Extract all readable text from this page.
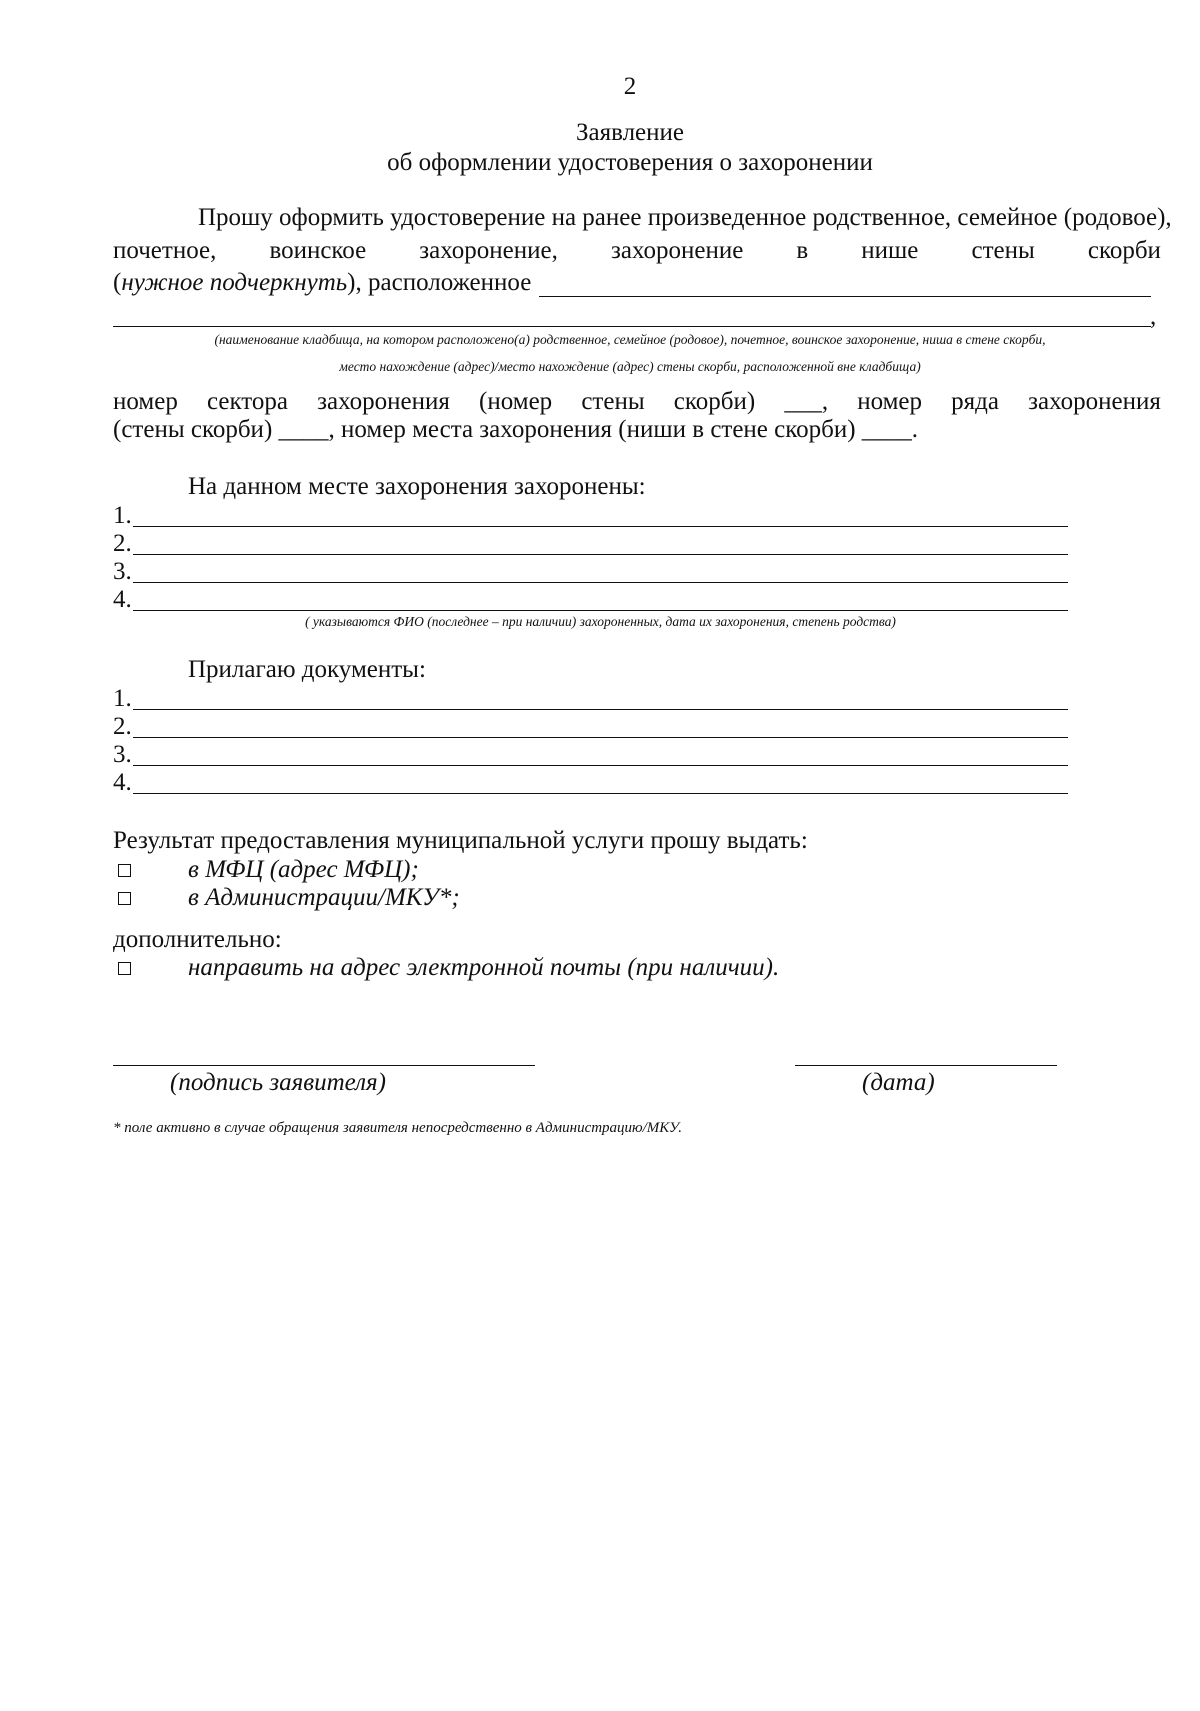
2
Заявление
об оформлении удостоверения о захоронении
Прошу оформить удостоверение на ранее произведенное родственное, семейное (родовое),
почетное, воинское захоронение, захоронение в нише стены скорби
(нужное подчеркнуть), расположенное
,
(наименование кладбища, на котором расположено(а) родственное, семейное (родовое), почетное, воинское захоронение, ниша в стене скорби,
место нахождение (адрес)/место нахождение (адрес) стены скорби, расположенной вне кладбища)
номер сектора захоронения (номер стены скорби) ___, номер ряда захоронения
(стены скорби) ____, номер места захоронения (ниши в стене скорби) ____.
На данном месте захоронения захоронены:
1.
2.
3.
4.
( указываются ФИО (последнее – при наличии) захороненных, дата их захоронения, степень родства)
Прилагаю документы:
1.
2.
3.
4.
Результат предоставления муниципальной услуги прошу выдать:
в МФЦ (адрес МФЦ);
в Администрации/МКУ*;
дополнительно:
направить на адрес электронной почты (при наличии).
(подпись заявителя)	(дата)
* поле активно в случае обращения заявителя непосредственно в Администрацию/МКУ.
